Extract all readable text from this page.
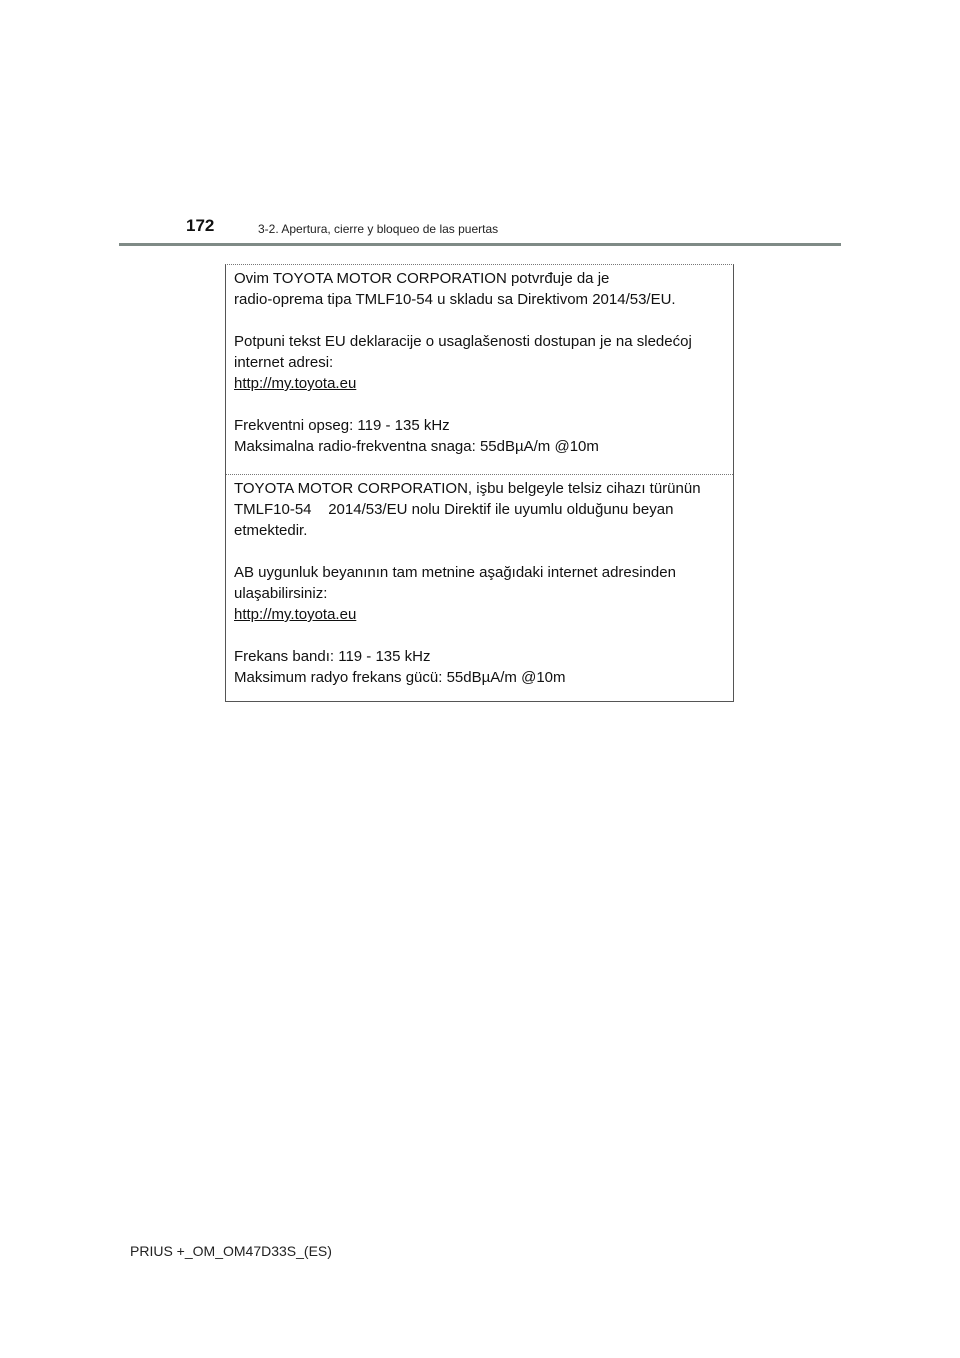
172	3-2. Apertura, cierre y bloqueo de las puertas

Ovim TOYOTA MOTOR CORPORATION potvrđuje da je

radio-oprema tipa TMLF10-54 u skladu sa Direktivom 2014/53/EU.

Potpuni tekst EU deklaracije o usaglašenosti dostupan je na sledećoj

internet adresi:

http://my.toyota.eu

Frekventni opseg: 119 - 135 kHz

Maksimalna radio-frekventna snaga: 55dBµA/m @10m

TOYOTA MOTOR CORPORATION, işbu belgeyle telsiz cihazı türünün

TMLF10-54    2014/53/EU nolu Direktif ile uyumlu olduğunu beyan

etmektedir.

AB uygunluk beyanının tam metnine aşağıdaki internet adresinden

ulaşabilirsiniz:

http://my.toyota.eu

Frekans bandı: 119 - 135 kHz

Maksimum radyo frekans gücü: 55dBµA/m @10m

PRIUS +_OM_OM47D33S_(ES)
